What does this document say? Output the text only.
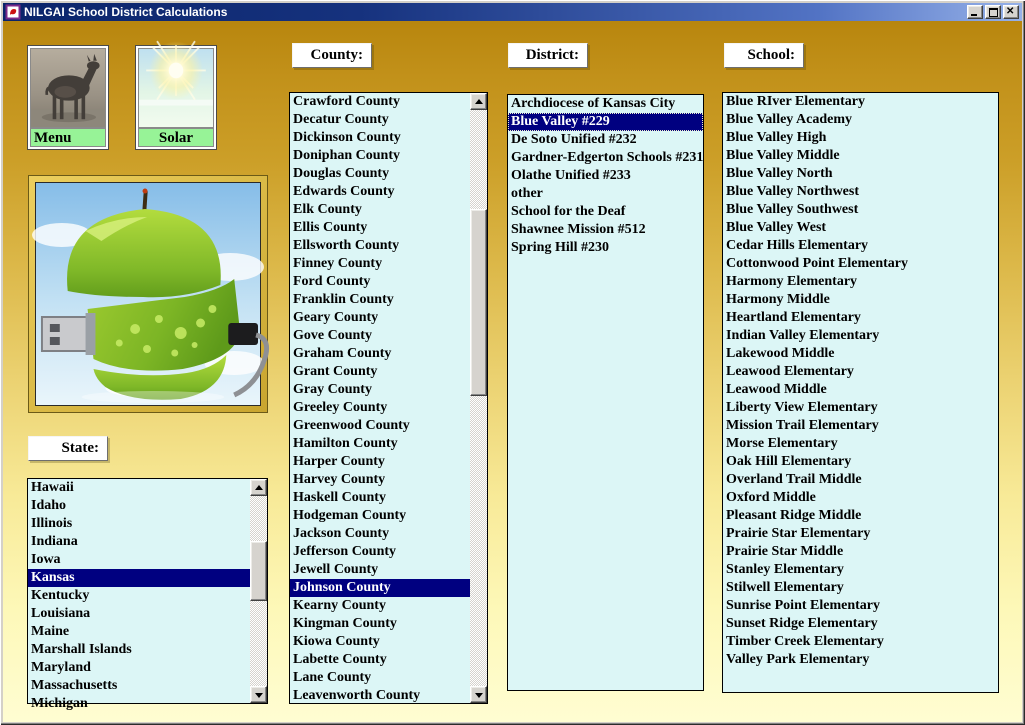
NILGAI School District Calculations	✕
Menu	Solar
State:
Hawaii
Idaho
Illinois
Indiana
Iowa
Kansas
Kentucky
Louisiana
Maine
Marshall Islands
Maryland
Massachusetts
Michigan
County:
Crawford County
Decatur County
Dickinson County
Doniphan County
Douglas County
Edwards County
Elk County
Ellis County
Ellsworth County
Finney County
Ford County
Franklin County
Geary County
Gove County
Graham County
Grant County
Gray County
Greeley County
Greenwood County
Hamilton County
Harper County
Harvey County
Haskell County
Hodgeman County
Jackson County
Jefferson County
Jewell County
Johnson County
Kearny County
Kingman County
Kiowa County
Labette County
Lane County
Leavenworth County
District:
Archdiocese of Kansas City
Blue Valley #229
De Soto Unified #232
Gardner-Edgerton Schools #231
Olathe Unified #233
other
School for the Deaf
Shawnee Mission #512
Spring Hill #230
School:
Blue RIver Elementary
Blue Valley Academy
Blue Valley High
Blue Valley Middle
Blue Valley North
Blue Valley Northwest
Blue Valley Southwest
Blue Valley West
Cedar Hills Elementary
Cottonwood Point Elementary
Harmony Elementary
Harmony Middle
Heartland Elementary
Indian Valley Elementary
Lakewood Middle
Leawood Elementary
Leawood Middle
Liberty View Elementary
Mission Trail Elementary
Morse Elementary
Oak Hill Elementary
Overland Trail Middle
Oxford Middle
Pleasant Ridge Middle
Prairie Star Elementary
Prairie Star Middle
Stanley Elementary
Stilwell Elementary
Sunrise Point Elementary
Sunset Ridge Elementary
Timber Creek Elementary
Valley Park Elementary
